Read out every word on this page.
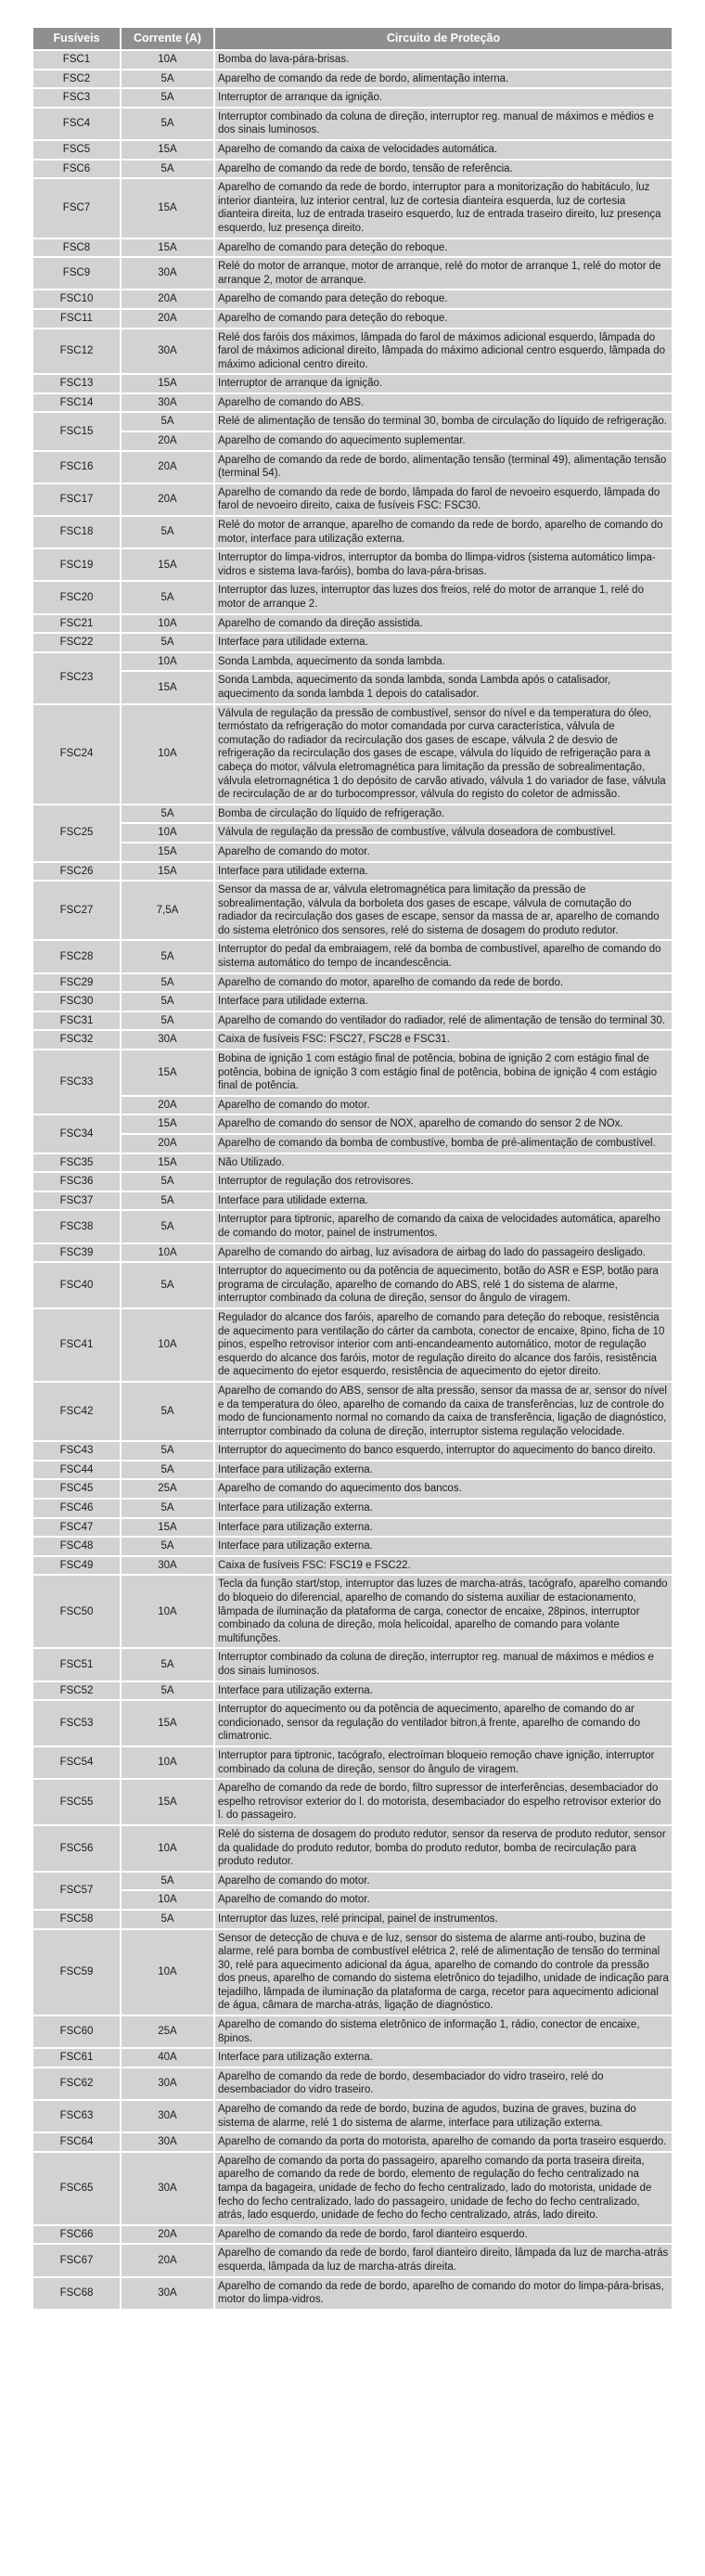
Fusíveis	Corrente (A)	Circuito de Proteção
FSC1	10A	Bomba do lava-pára-brisas.
FSC2	5A	Aparelho de comando da rede de bordo, alimentação interna.
FSC3	5A	Interruptor de arranque da ignição.
FSC4	5A	Interruptor combinado da coluna de direção, interruptor reg. manual de máximos e médios e dos sinais luminosos.
FSC5	15A	Aparelho de comando da caixa de velocidades automática.
FSC6	5A	Aparelho de comando da rede de bordo, tensão de referência.
FSC7	15A	Aparelho de comando da rede de bordo, interruptor para a monitorização do habitáculo, luz interior dianteira, luz interior central, luz de cortesia dianteira esquerda, luz de cortesia dianteira direita, luz de entrada traseiro esquerdo, luz de entrada traseiro direito, luz presença esquerdo, luz presença direito.
FSC8	15A	Aparelho de comando para deteção do reboque.
FSC9	30A	Relé do motor de arranque, motor de arranque, relé do motor de arranque 1, relé do motor de arranque 2, motor de arranque.
FSC10	20A	Aparelho de comando para deteção do reboque.
FSC11	20A	Aparelho de comando para deteção do reboque.
FSC12	30A	Relé dos faróis dos máximos, lâmpada do farol de máximos adicional esquerdo, lâmpada do farol de máximos adicional direito, lâmpada do máximo adicional centro esquerdo, lâmpada do máximo adicional centro direito.
FSC13	15A	Interruptor de arranque da ignição.
FSC14	30A	Aparelho de comando do ABS.
FSC15	5A	Relé de alimentação de tensão do terminal 30, bomba de circulação do líquido de refrigeração.
	20A	Aparelho de comando do aquecimento suplementar.
FSC16	20A	Aparelho de comando da rede de bordo, alimentação tensão (terminal 49), alimentação tensão (terminal 54).
FSC17	20A	Aparelho de comando da rede de bordo, lâmpada do farol de nevoeiro esquerdo, lâmpada do farol de nevoeiro direito, caixa de fusíveis FSC: FSC30.
FSC18	5A	Relé do motor de arranque, aparelho de comando da rede de bordo, aparelho de comando do motor, interface para utilização externa.
FSC19	15A	Interruptor do limpa-vidros, interruptor da bomba do llimpa-vidros (sistema automático limpa-vidros e sistema lava-faróis), bomba do lava-pára-brisas.
FSC20	5A	Interruptor das luzes, interruptor das luzes dos freios, relé do motor de arranque 1, relé do motor de arranque 2.
FSC21	10A	Aparelho de comando da direção assistida.
FSC22	5A	Interface para utilidade externa.
FSC23	10A	Sonda Lambda, aquecimento da sonda lambda.
	15A	Sonda Lambda, aquecimento da sonda lambda, sonda Lambda após o catalisador, aquecimento da sonda lambda 1 depois do catalisador.
FSC24	10A	Válvula de regulação da pressão de combustível, sensor do nível e da temperatura do óleo, termóstato da refrigeração do motor comandada por curva característica, válvula de comutação do radiador da recirculação dos gases de escape, válvula 2 de desvio de refrigeração da recirculação dos gases de escape, válvula do líquido de refrigeração para a cabeça do motor, válvula eletromagnética para limitação da pressão de sobrealimentação, válvula eletromagnética 1 do depósito de carvão ativado, válvula 1 do variador de fase, válvula de recirculação de ar do turbocompressor, válvula do registo do coletor de admissão.
FSC25	5A	Bomba de circulação do líquido de refrigeração.
	10A	Válvula de regulação da pressão de combustíve, válvula doseadora de combustível.
	15A	Aparelho de comando do motor.
FSC26	15A	Interface para utilidade externa.
FSC27	7,5A	Sensor da massa de ar, válvula eletromagnética para limitação da pressão de sobrealimentação, válvula da borboleta dos gases de escape, válvula de comutação do radiador da recirculação dos gases de escape, sensor da massa de ar, aparelho de comando do sistema eletrónico dos sensores, relé do sistema de dosagem do produto redutor.
FSC28	5A	Interruptor do pedal da embraiagem, relé da bomba de combustível, aparelho de comando do sistema automático do tempo de incandescência.
FSC29	5A	Aparelho de comando do motor, aparelho de comando da rede de bordo.
FSC30	5A	Interface para utilidade externa.
FSC31	5A	Aparelho de comando do ventilador do radiador, relé de alimentação de tensão do terminal 30.
FSC32	30A	Caixa de fusíveis FSC: FSC27, FSC28 e FSC31.
FSC33	15A	Bobina de ignição 1 com estágio final de potência, bobina de ignição 2 com estágio final de potência, bobina de ignição 3 com estágio final de potência, bobina de ignição 4 com estágio final de potência.
	20A	Aparelho de comando do motor.
FSC34	15A	Aparelho de comando do sensor de NOX, aparelho de comando do sensor 2 de NOx.
	20A	Aparelho de comando da bomba de combustíve, bomba de pré-alimentação de combustível.
FSC35	15A	Não Utilizado.
FSC36	5A	Interruptor de regulação dos retrovisores.
FSC37	5A	Interface para utilidade externa.
FSC38	5A	Interruptor para tiptronic, aparelho de comando da caixa de velocidades automática, aparelho de comando do motor, painel de instrumentos.
FSC39	10A	Aparelho de comando do airbag, luz avisadora de airbag do lado do passageiro desligado.
FSC40	5A	Interruptor do aquecimento ou da potência de aquecimento, botão do ASR e ESP, botão para programa de circulação, aparelho de comando do ABS, relé 1 do sistema de alarme, interruptor combinado da coluna de direção, sensor do ângulo de viragem.
FSC41	10A	Regulador do alcance dos faróis, aparelho de comando para deteção do reboque, resistência de aquecimento para ventilação do cárter da cambota, conector de encaixe, 8pino, ficha de 10 pinos, espelho retrovisor interior com anti-encandeamento automático, motor de regulação esquerdo do alcance dos faróis, motor de regulação direito do alcance dos faróis, resistência de aquecimento do ejetor esquerdo, resistência de aquecimento do ejetor direito.
FSC42	5A	Aparelho de comando do ABS, sensor de alta pressão, sensor da massa de ar, sensor do nível e da temperatura do óleo, aparelho de comando da caixa de transferências, luz de controle do modo de funcionamento normal no comando da caixa de transferência, ligação de diagnóstico, interruptor combinado da coluna de direção, interruptor sistema regulação velocidade.
FSC43	5A	Interruptor do aquecimento do banco esquerdo, interruptor do aquecimento do banco direito.
FSC44	5A	Interface para utilização externa.
FSC45	25A	Aparelho de comando do aquecimento dos bancos.
FSC46	5A	Interface para utilização externa.
FSC47	15A	Interface para utilização externa.
FSC48	5A	Interface para utilização externa.
FSC49	30A	Caixa de fusíveis FSC: FSC19 e FSC22.
FSC50	10A	Tecla da função start/stop, interruptor das luzes de marcha-atrás, tacógrafo, aparelho comando do bloqueio do diferencial, aparelho de comando do sistema auxiliar de estacionamento, lâmpada de iluminação da plataforma de carga, conector de encaixe, 28pinos, interruptor combinado da coluna de direção, mola helicoidal, aparelho de comando para volante multifunções.
FSC51	5A	Interruptor combinado da coluna de direção, interruptor reg. manual de máximos e médios e dos sinais luminosos.
FSC52	5A	Interface para utilização externa.
FSC53	15A	Interruptor do aquecimento ou da potência de aquecimento, aparelho de comando do ar condicionado, sensor da regulação do ventilador bitron,à frente, aparelho de comando do climatronic.
FSC54	10A	Interruptor para tiptronic, tacógrafo, electroíman bloqueio remoção chave ignição, interruptor combinado da coluna de direção, sensor do ângulo de viragem.
FSC55	15A	Aparelho de comando da rede de bordo, filtro supressor de interferências, desembaciador do espelho retrovisor exterior do l. do motorista, desembaciador do espelho retrovisor exterior do l. do passageiro.
FSC56	10A	Relé do sistema de dosagem do produto redutor, sensor da reserva de produto redutor, sensor da qualidade do produto redutor, bomba do produto redutor, bomba de recirculação para produto redutor.
FSC57	5A	Aparelho de comando do motor.
	10A	Aparelho de comando do motor.
FSC58	5A	Interruptor das luzes, relé principal, painel de instrumentos.
FSC59	10A	Sensor de detecção de chuva e de luz, sensor do sistema de alarme anti-roubo, buzina de alarme, relé para bomba de combustível elétrica 2, relé de alimentação de tensão do terminal 30, relé para aquecimento adicional da água, aparelho de comando do controle da pressão dos pneus, aparelho de comando do sistema eletrônico do tejadilho, unidade de indicação para tejadilho, lâmpada de iluminação da plataforma de carga, recetor para aquecimento adicional de água, câmara de marcha-atrás, ligação de diagnóstico.
FSC60	25A	Aparelho de comando do sistema eletrônico de informação 1, rádio, conector de encaixe, 8pinos.
FSC61	40A	Interface para utilização externa.
FSC62	30A	Aparelho de comando da rede de bordo, desembaciador do vidro traseiro, relé do desembaciador do vidro traseiro.
FSC63	30A	Aparelho de comando da rede de bordo, buzina de agudos, buzina de graves, buzina do sistema de alarme, relé 1 do sistema de alarme, interface para utilização externa.
FSC64	30A	Aparelho de comando da porta do motorista, aparelho de comando da porta traseiro esquerdo.
FSC65	30A	Aparelho de comando da porta do passageiro, aparelho comando da porta traseira direita, aparelho de comando da rede de bordo, elemento de regulação do fecho centralizado na tampa da bagageira, unidade de fecho do fecho centralizado, lado do motorista, unidade de fecho do fecho centralizado, lado do passageiro, unidade de fecho do fecho centralizado, atrás, lado esquerdo, unidade de fecho do fecho centralizado, atrás, lado direito.
FSC66	20A	Aparelho de comando da rede de bordo, farol dianteiro esquerdo.
FSC67	20A	Aparelho de comando da rede de bordo, farol dianteiro direito, lâmpada da luz de marcha-atrás esquerda, lâmpada da luz de marcha-atrás direita.
FSC68	30A	Aparelho de comando da rede de bordo, aparelho de comando do motor do limpa-pára-brisas, motor do limpa-vidros.
